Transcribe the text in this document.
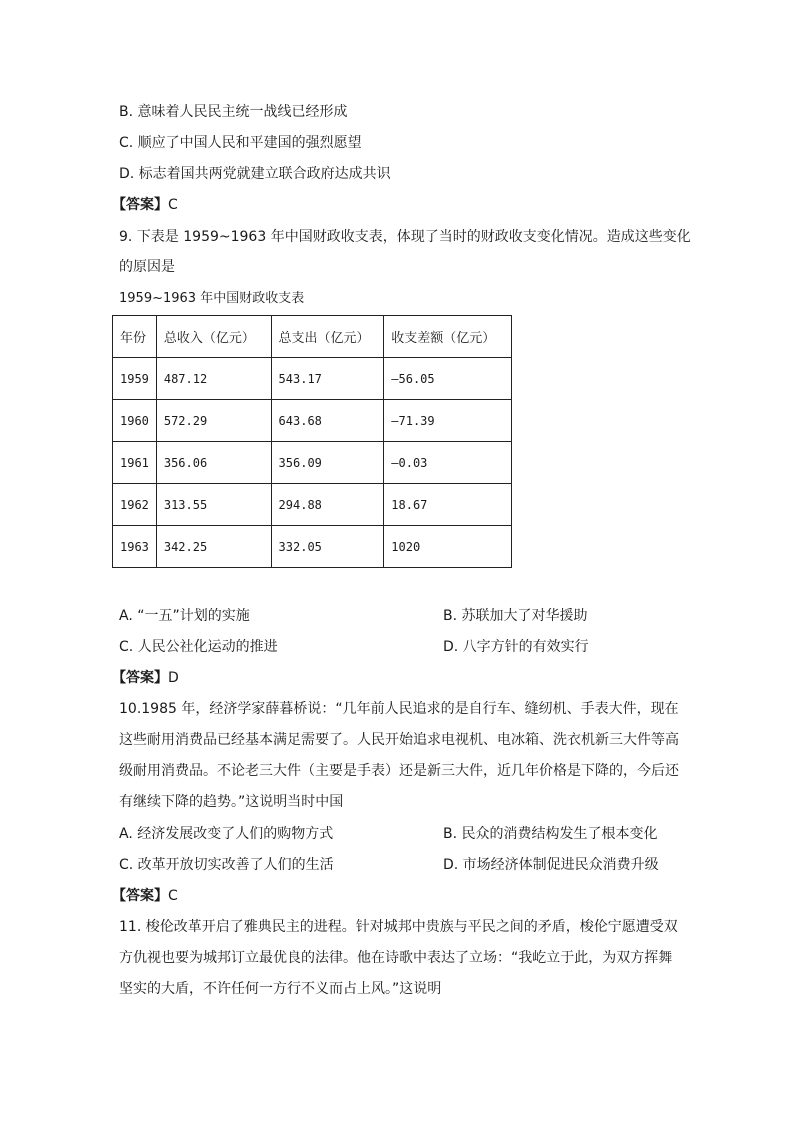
B. 意味着人民民主统一战线已经形成
C. 顺应了中国人民和平建国的强烈愿望
D. 标志着国共两党就建立联合政府达成共识
【答案】C
9. 下表是 1959~1963 年中国财政收支表，体现了当时的财政收支变化情况。造成这些变化
的原因是
1959~1963 年中国财政收支表
年份	总收入（亿元）	总支出（亿元）	收支差额（亿元）
1959	487.12	543.17	—56.05
1960	572.29	643.68	—71.39
1961	356.06	356.09	—0.03
1962	313.55	294.88	18.67
1963	342.25	332.05	1020
A. “一五”计划的实施	B. 苏联加大了对华援助
C. 人民公社化运动的推进	D. 八字方针的有效实行
【答案】D
10.1985 年，经济学家薛暮桥说：“几年前人民追求的是自行车、缝纫机、手表大件，现在
这些耐用消费品已经基本满足需要了。人民开始追求电视机、电冰箱、洗衣机新三大件等高
级耐用消费品。不论老三大件（主要是手表）还是新三大件，近几年价格是下降的，今后还
有继续下降的趋势。”这说明当时中国
A. 经济发展改变了人们的购物方式	B. 民众的消费结构发生了根本变化
C. 改革开放切实改善了人们的生活	D. 市场经济体制促进民众消费升级
【答案】C
11. 梭伦改革开启了雅典民主的进程。针对城邦中贵族与平民之间的矛盾，梭伦宁愿遭受双
方仇视也要为城邦订立最优良的法律。他在诗歌中表达了立场：“我屹立于此，为双方挥舞
坚实的大盾，不许任何一方行不义而占上风。”这说明
